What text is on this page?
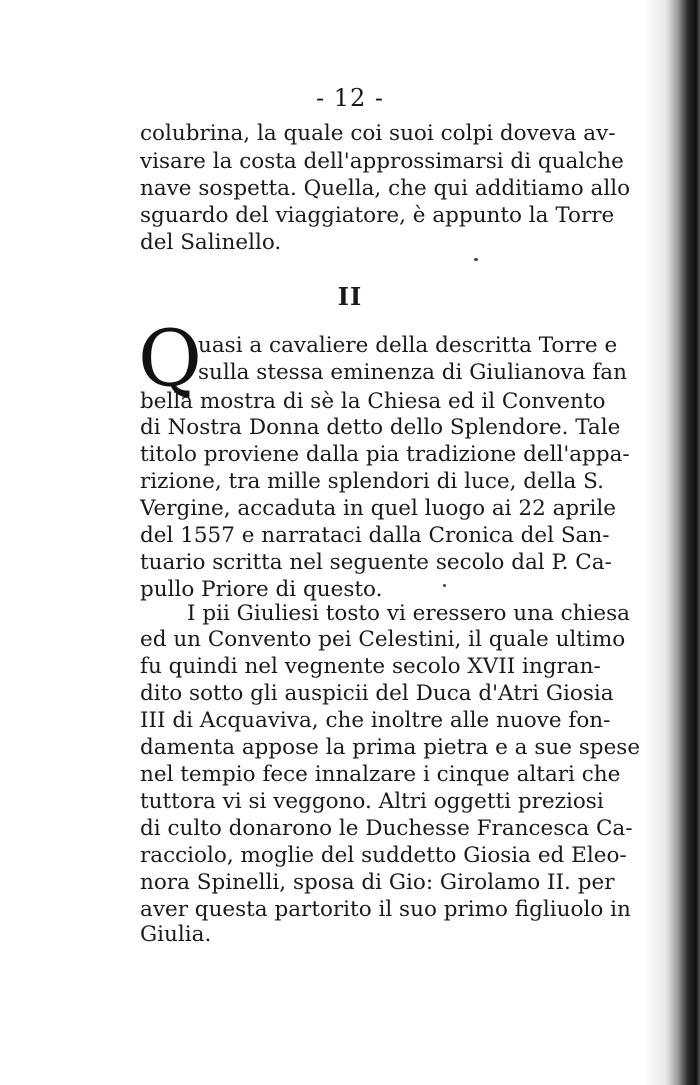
- 12 -
colubrina, la quale coi suoi colpi doveva av-
visare la costa dell'approssimarsi di qualche
nave sospetta. Quella, che qui additiamo allo
sguardo del viaggiatore, è appunto la Torre
del Salinello.
II
Q
uasi a cavaliere della descritta Torre e
sulla stessa eminenza di Giulianova fan
bella mostra di sè la Chiesa ed il Convento
di Nostra Donna detto dello Splendore. Tale
titolo proviene dalla pia tradizione dell'appa-
rizione, tra mille splendori di luce, della S.
Vergine, accaduta in quel luogo ai 22 aprile
del 1557 e narrataci dalla Cronica del San-
tuario scritta nel seguente secolo dal P. Ca-
pullo Priore di questo.
I pii Giuliesi tosto vi eressero una chiesa
ed un Convento pei Celestini, il quale ultimo
fu quindi nel vegnente secolo XVII ingran-
dito sotto gli auspicii del Duca d'Atri Giosia
III di Acquaviva, che inoltre alle nuove fon-
damenta appose la prima pietra e a sue spese
nel tempio fece innalzare i cinque altari che
tuttora vi si veggono. Altri oggetti preziosi
di culto donarono le Duchesse Francesca Ca-
racciolo, moglie del suddetto Giosia ed Eleo-
nora Spinelli, sposa di Gio: Girolamo II. per
aver questa partorito il suo primo figliuolo in
Giulia.
